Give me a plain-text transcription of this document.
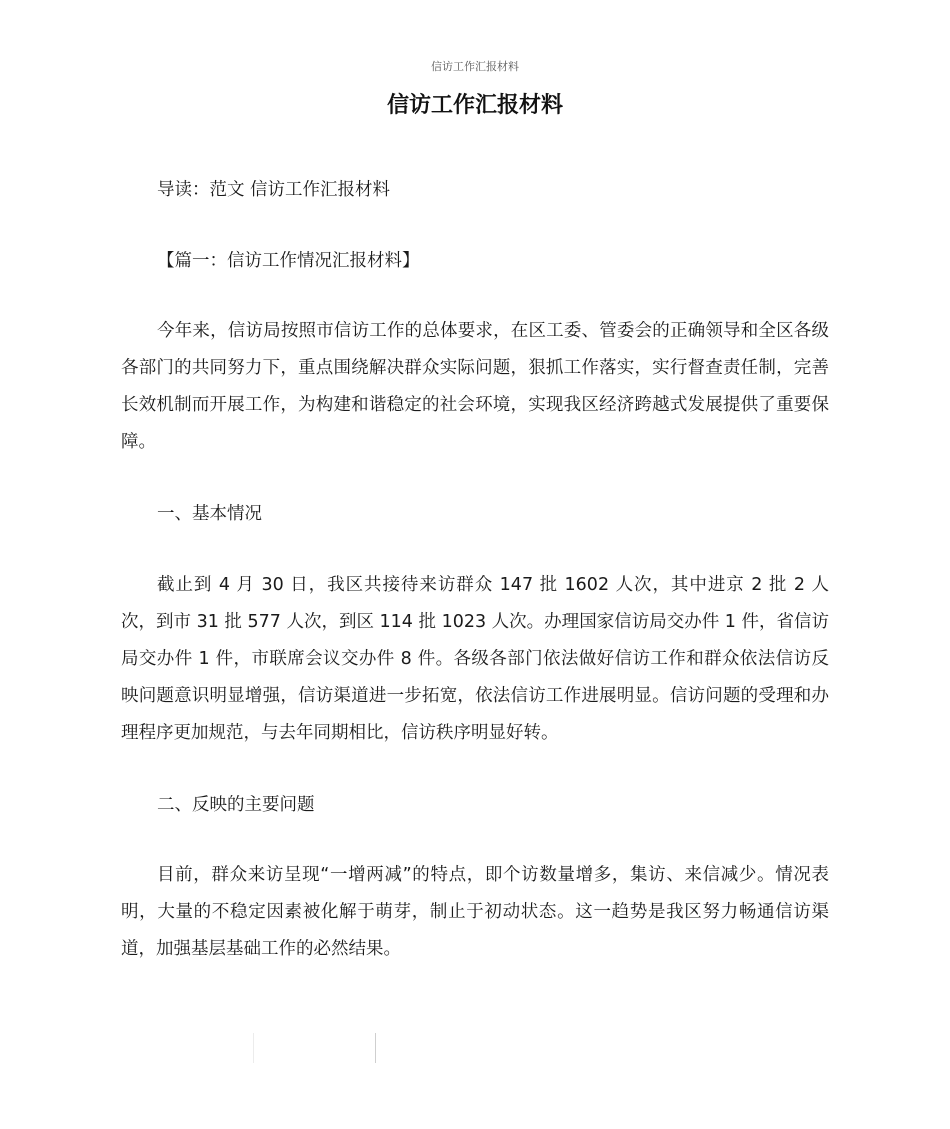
信访工作汇报材料
信访工作汇报材料

导读：范文 信访工作汇报材料

【篇一：信访工作情况汇报材料】

今年来，信访局按照市信访工作的总体要求，在区工委、管委会的正确领导和全区各级各部门的共同努力下，重点围绕解决群众实际问题，狠抓工作落实，实行督查责任制，完善长效机制而开展工作，为构建和谐稳定的社会环境，实现我区经济跨越式发展提供了重要保障。

一、基本情况

截止到 4 月 30 日，我区共接待来访群众 147 批 1602 人次，其中进京 2 批 2 人次，到市 31 批 577 人次，到区 114 批 1023 人次。办理国家信访局交办件 1 件，省信访局交办件 1 件，市联席会议交办件 8 件。各级各部门依法做好信访工作和群众依法信访反映问题意识明显增强，信访渠道进一步拓宽，依法信访工作进展明显。信访问题的受理和办理程序更加规范，与去年同期相比，信访秩序明显好转。

二、反映的主要问题

目前，群众来访呈现“一增两减”的特点，即个访数量增多，集访、来信减少。情况表明，大量的不稳定因素被化解于萌芽，制止于初动状态。这一趋势是我区努力畅通信访渠道，加强基层基础工作的必然结果。
